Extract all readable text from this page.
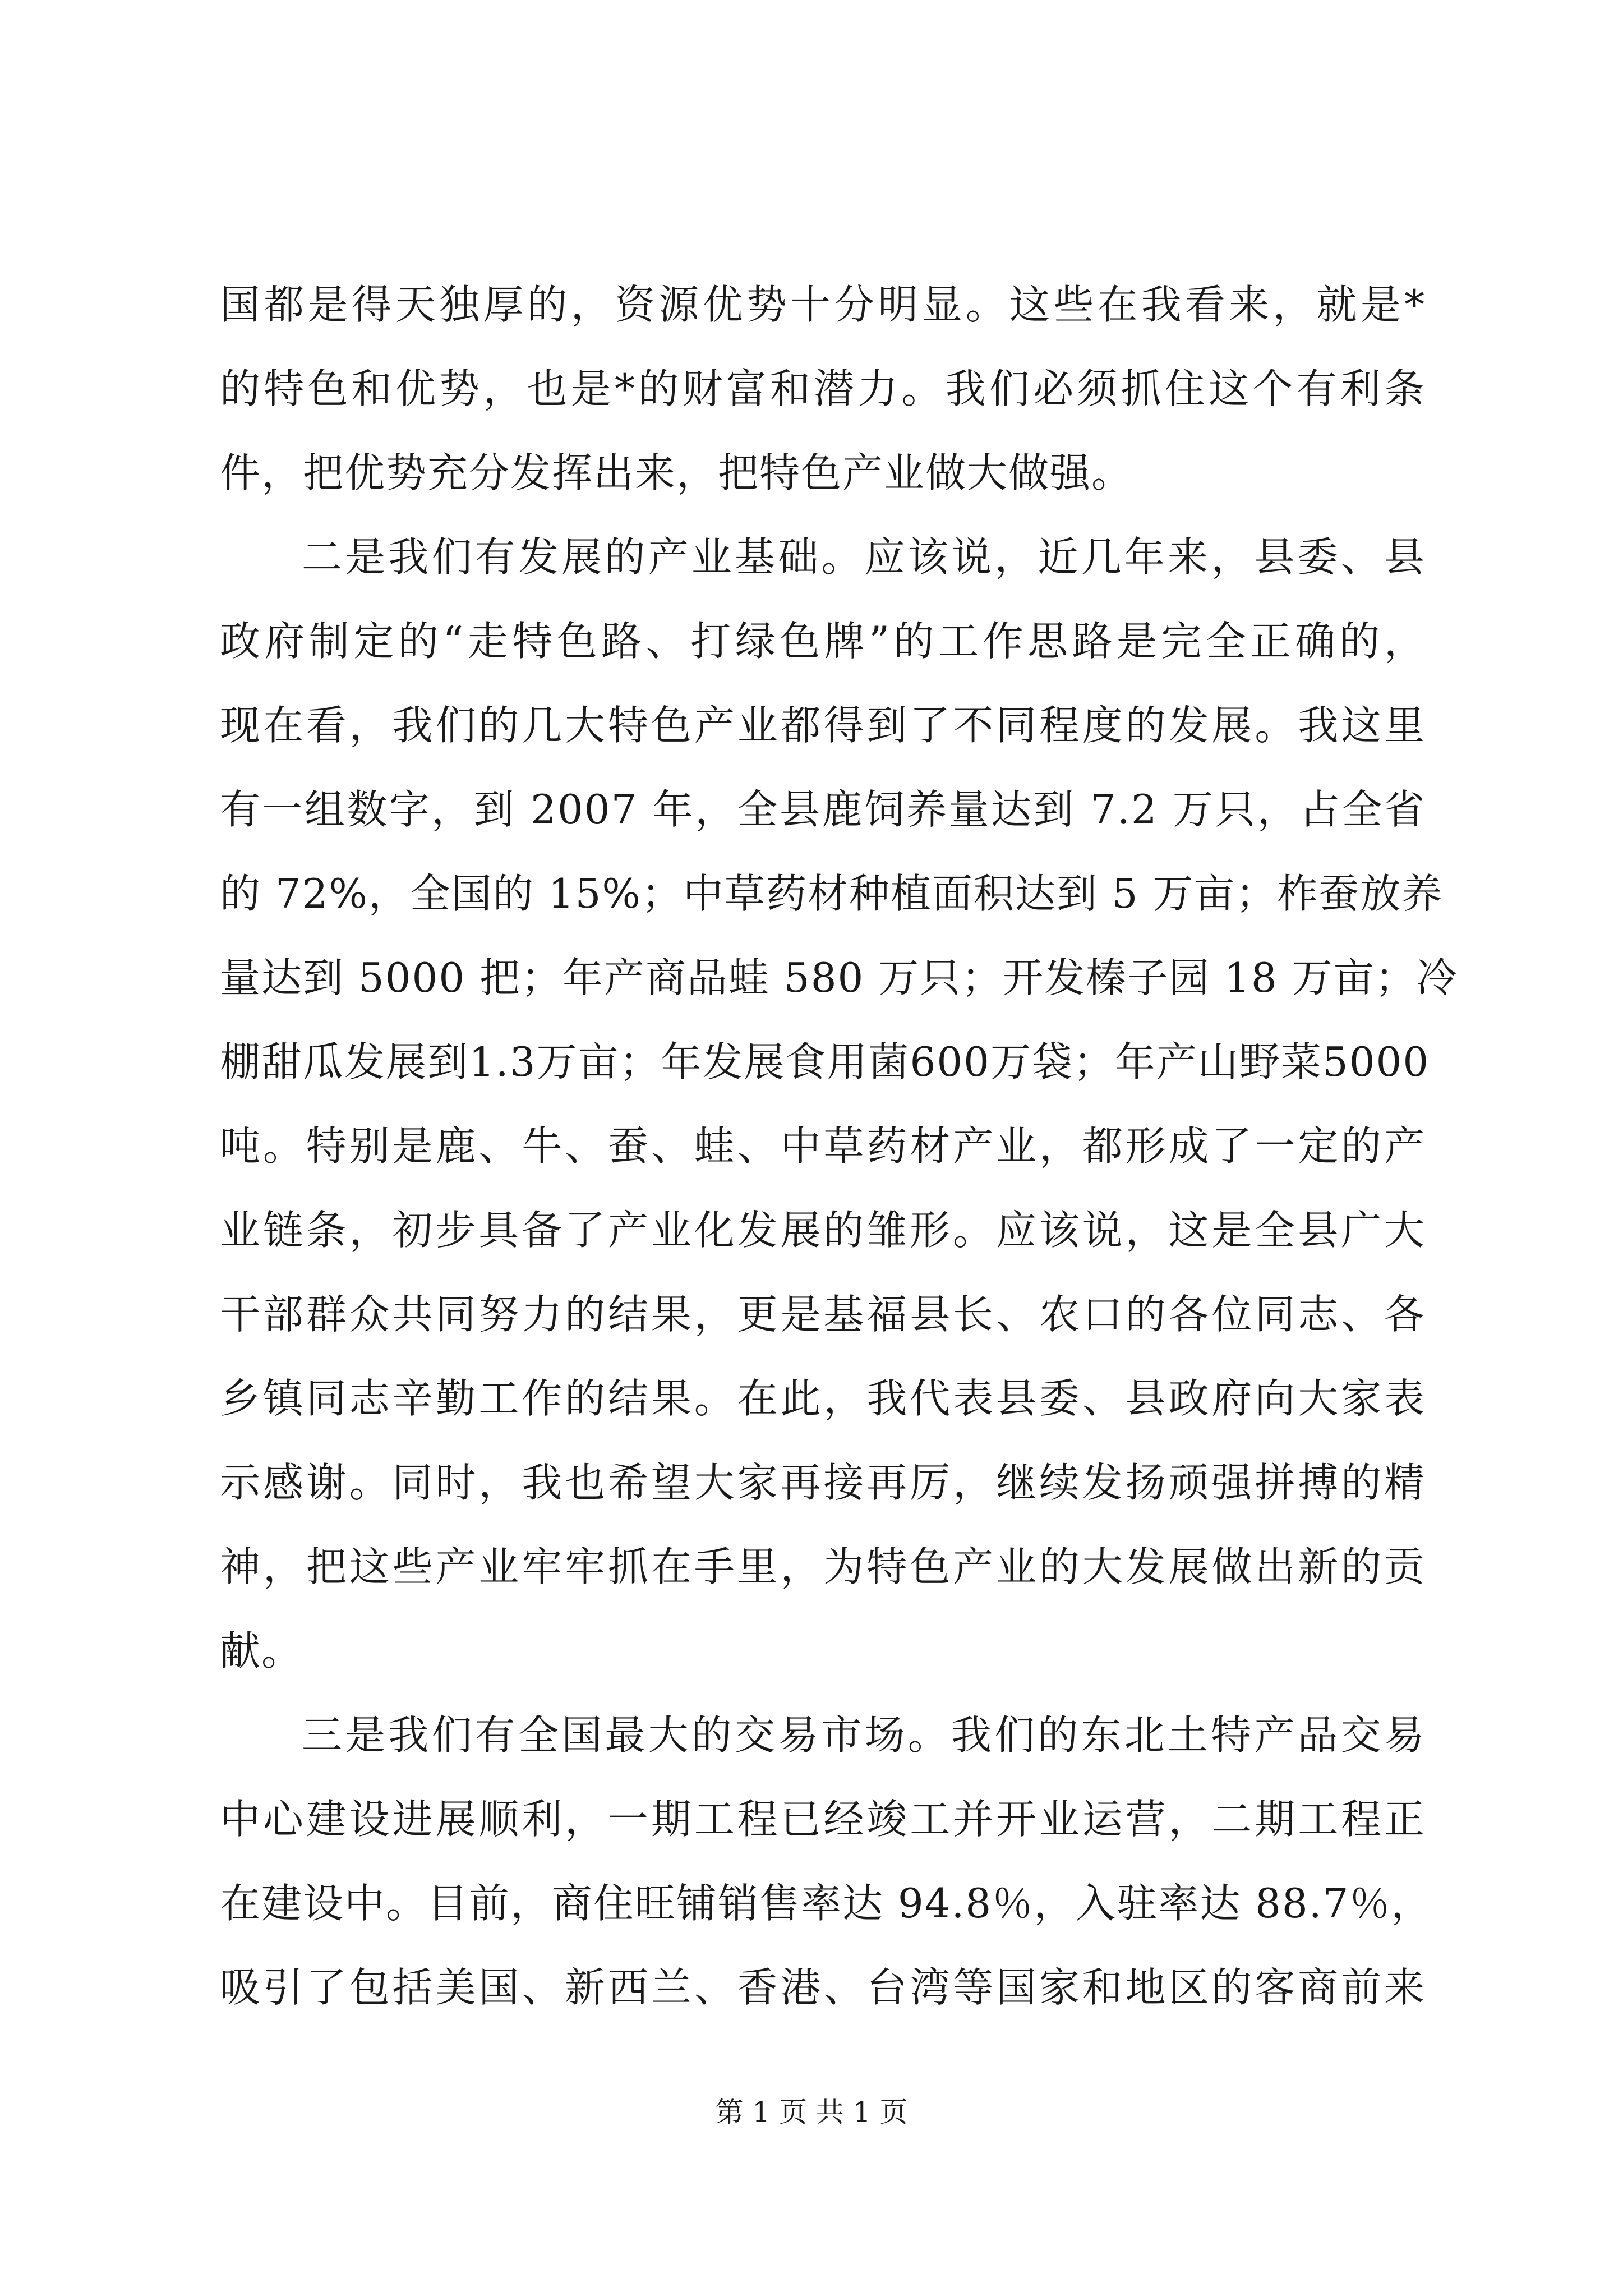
国都是得天独厚的，资源优势十分明显。这些在我看来，就是*
的特色和优势，也是*的财富和潜力。我们必须抓住这个有利条
件，把优势充分发挥出来，把特色产业做大做强。
二是我们有发展的产业基础。应该说，近几年来，县委、县
政府制定的“走特色路、打绿色牌”的工作思路是完全正确的，
现在看，我们的几大特色产业都得到了不同程度的发展。我这里
有一组数字，到 2007 年，全县鹿饲养量达到 7.2 万只，占全省
的 72%，全国的 15%；中草药材种植面积达到 5 万亩；柞蚕放养
量达到 5000 把；年产商品蛙 580 万只；开发榛子园 18 万亩；冷
棚甜瓜发展到1.3万亩；年发展食用菌600万袋；年产山野菜5000
吨。特别是鹿、牛、蚕、蛙、中草药材产业，都形成了一定的产
业链条，初步具备了产业化发展的雏形。应该说，这是全县广大
干部群众共同努力的结果，更是基福县长、农口的各位同志、各
乡镇同志辛勤工作的结果。在此，我代表县委、县政府向大家表
示感谢。同时，我也希望大家再接再厉，继续发扬顽强拼搏的精
神，把这些产业牢牢抓在手里，为特色产业的大发展做出新的贡
献。
三是我们有全国最大的交易市场。我们的东北土特产品交易
中心建设进展顺利，一期工程已经竣工并开业运营，二期工程正
在建设中。目前，商住旺铺销售率达 94.8％，入驻率达 88.7％，
吸引了包括美国、新西兰、香港、台湾等国家和地区的客商前来
第 1 页 共 1 页
